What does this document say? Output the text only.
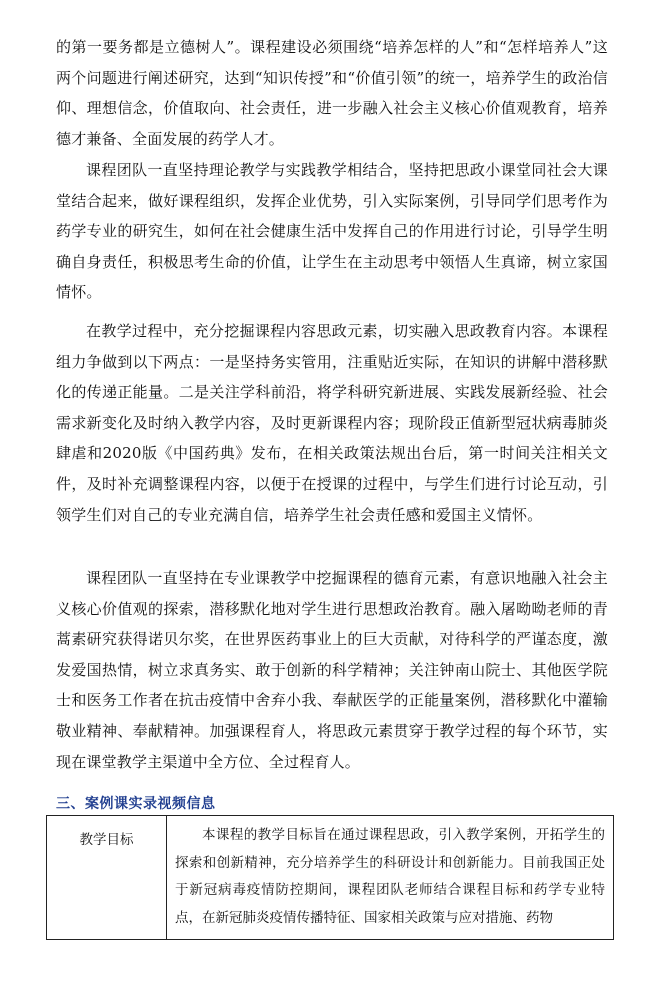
的第一要务都是立德树人”。课程建设必须围绕“培养怎样的人”和“怎样培养人”这两个问题进行阐述研究，达到“知识传授”和“价值引领”的统一，培养学生的政治信仰、理想信念，价值取向、社会责任，进一步融入社会主义核心价值观教育，培养德才兼备、全面发展的药学人才。

课程团队一直坚持理论教学与实践教学相结合，坚持把思政小课堂同社会大课堂结合起来，做好课程组织，发挥企业优势，引入实际案例，引导同学们思考作为药学专业的研究生，如何在社会健康生活中发挥自己的作用进行讨论，引导学生明确自身责任，积极思考生命的价值，让学生在主动思考中领悟人生真谛，树立家国情怀。

在教学过程中，充分挖掘课程内容思政元素，切实融入思政教育内容。本课程组力争做到以下两点：一是坚持务实管用，注重贴近实际，在知识的讲解中潜移默化的传递正能量。二是关注学科前沿，将学科研究新进展、实践发展新经验、社会需求新变化及时纳入教学内容，及时更新课程内容；现阶段正值新型冠状病毒肺炎肆虐和2020版《中国药典》发布，在相关政策法规出台后，第一时间关注相关文件，及时补充调整课程内容，以便于在授课的过程中，与学生们进行讨论互动，引领学生们对自己的专业充满自信，培养学生社会责任感和爱国主义情怀。

课程团队一直坚持在专业课教学中挖掘课程的德育元素，有意识地融入社会主义核心价值观的探索，潜移默化地对学生进行思想政治教育。融入屠呦呦老师的青蒿素研究获得诺贝尔奖，在世界医药事业上的巨大贡献，对待科学的严谨态度，激发爱国热情，树立求真务实、敢于创新的科学精神；关注钟南山院士、其他医学院士和医务工作者在抗击疫情中舍弃小我、奉献医学的正能量案例，潜移默化中灌输敬业精神、奉献精神。加强课程育人，将思政元素贯穿于教学过程的每个环节，实现在课堂教学主渠道中全方位、全过程育人。

三、案例课实录视频信息
教学目标	本课程的教学目标旨在通过课程思政，引入教学案例，开拓学生的探索和创新精神，充分培养学生的科研设计和创新能力。目前我国正处于新冠病毒疫情防控期间，课程团队老师结合课程目标和药学专业特点，在新冠肺炎疫情传播特征、国家相关政策与应对措施、药物
